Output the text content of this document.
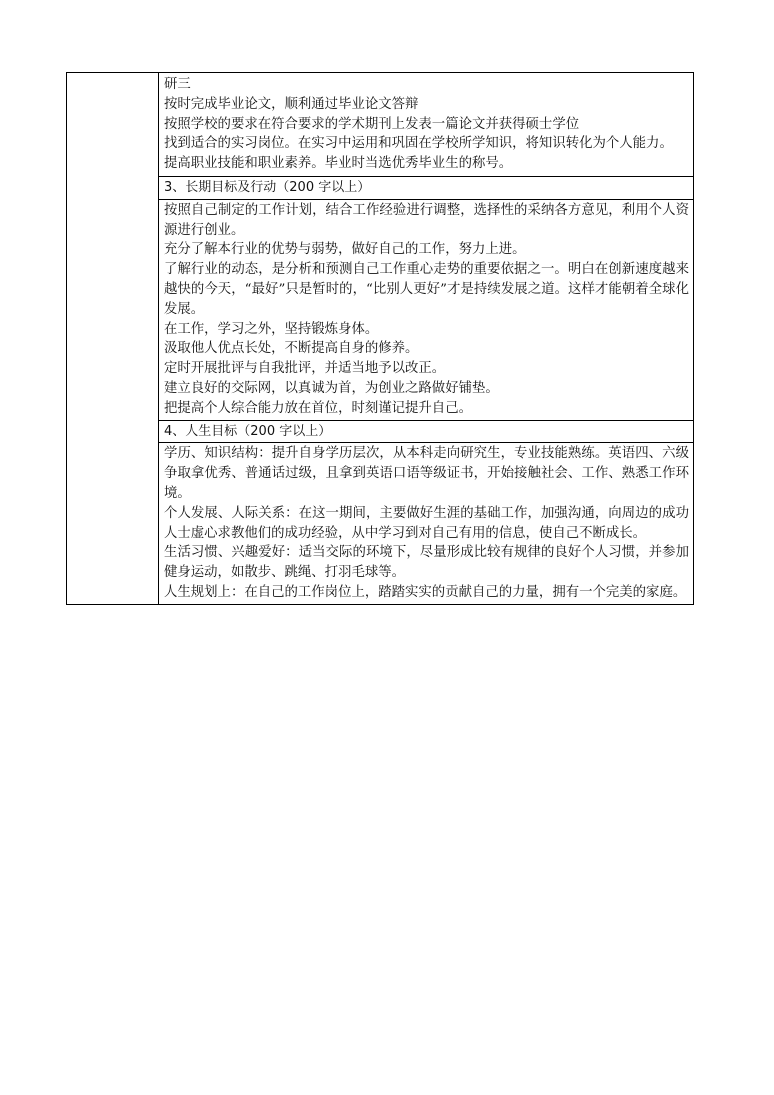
研三
按时完成毕业论文，顺利通过毕业论文答辩
按照学校的要求在符合要求的学术期刊上发表一篇论文并获得硕士学位
找到适合的实习岗位。在实习中运用和巩固在学校所学知识，将知识转化为个人能力。
提高职业技能和职业素养。毕业时当选优秀毕业生的称号。

3、长期目标及行动（200 字以上）

按照自己制定的工作计划，结合工作经验进行调整，选择性的采纳各方意见，利用个人资源进行创业。
充分了解本行业的优势与弱势，做好自己的工作，努力上进。
了解行业的动态，是分析和预测自己工作重心走势的重要依据之一。明白在创新速度越来越快的今天，“最好”只是暂时的，“比别人更好”才是持续发展之道。这样才能朝着全球化发展。
在工作，学习之外，坚持锻炼身体。
汲取他人优点长处，不断提高自身的修养。
定时开展批评与自我批评，并适当地予以改正。
建立良好的交际网，以真诚为首，为创业之路做好铺垫。
把提高个人综合能力放在首位，时刻谨记提升自己。

4、人生目标（200 字以上）

学历、知识结构：提升自身学历层次，从本科走向研究生，专业技能熟练。英语四、六级争取拿优秀、普通话过级，且拿到英语口语等级证书，开始接触社会、工作、熟悉工作环境。
个人发展、人际关系：在这一期间，主要做好生涯的基础工作，加强沟通，向周边的成功人士虚心求教他们的成功经验，从中学习到对自己有用的信息，使自己不断成长。
生活习惯、兴趣爱好：适当交际的环境下，尽量形成比较有规律的良好个人习惯，并参加健身运动，如散步、跳绳、打羽毛球等。
人生规划上：在自己的工作岗位上，踏踏实实的贡献自己的力量，拥有一个完美的家庭。
